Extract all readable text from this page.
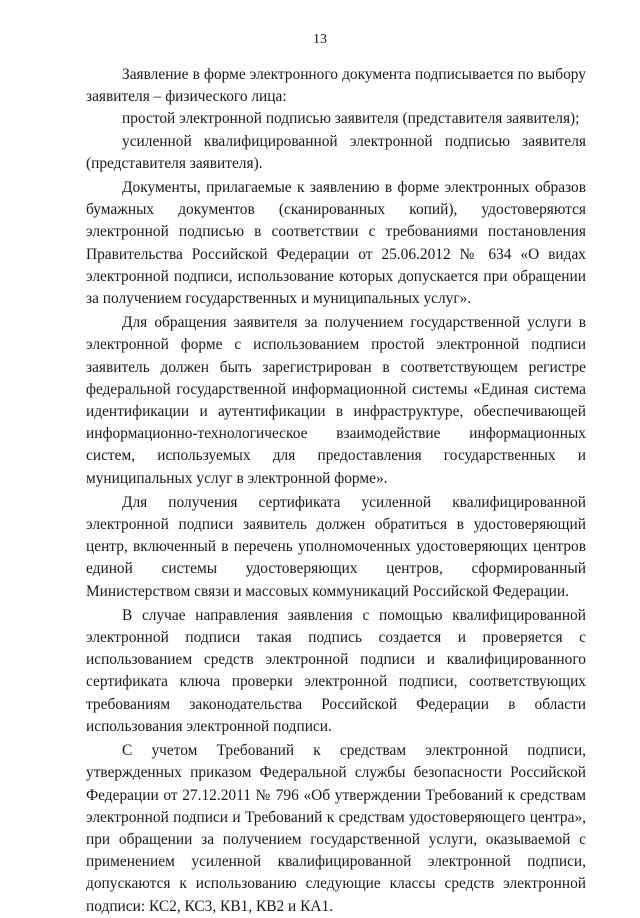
13

Заявление в форме электронного документа подписывается по выбору заявителя – физического лица:

простой электронной подписью заявителя (представителя заявителя);

усиленной квалифицированной электронной подписью заявителя (представителя заявителя).

Документы, прилагаемые к заявлению в форме электронных образов бумажных документов (сканированных копий), удостоверяются электронной подписью в соответствии с требованиями постановления Правительства Российской Федерации от 25.06.2012 № 634 «О видах электронной подписи, использование которых допускается при обращении за получением государственных и муниципальных услуг».

Для обращения заявителя за получением государственной услуги в электронной форме с использованием простой электронной подписи заявитель должен быть зарегистрирован в соответствующем регистре федеральной государственной информационной системы «Единая система идентификации и аутентификации в инфраструктуре, обеспечивающей информационно-технологическое взаимодействие информационных систем, используемых для предоставления государственных и муниципальных услуг в электронной форме».

Для получения сертификата усиленной квалифицированной электронной подписи заявитель должен обратиться в удостоверяющий центр, включенный в перечень уполномоченных удостоверяющих центров единой системы удостоверяющих центров, сформированный Министерством связи и массовых коммуникаций Российской Федерации.

В случае направления заявления с помощью квалифицированной электронной подписи такая подпись создается и проверяется с использованием средств электронной подписи и квалифицированного сертификата ключа проверки электронной подписи, соответствующих требованиям законодательства Российской Федерации в области использования электронной подписи.

С учетом Требований к средствам электронной подписи, утвержденных приказом Федеральной службы безопасности Российской Федерации от 27.12.2011 № 796 «Об утверждении Требований к средствам электронной подписи и Требований к средствам удостоверяющего центра», при обращении за получением государственной услуги, оказываемой с применением усиленной квалифицированной электронной подписи, допускаются к использованию следующие классы средств электронной подписи: КС2, КС3, КВ1, КВ2 и КА1.
